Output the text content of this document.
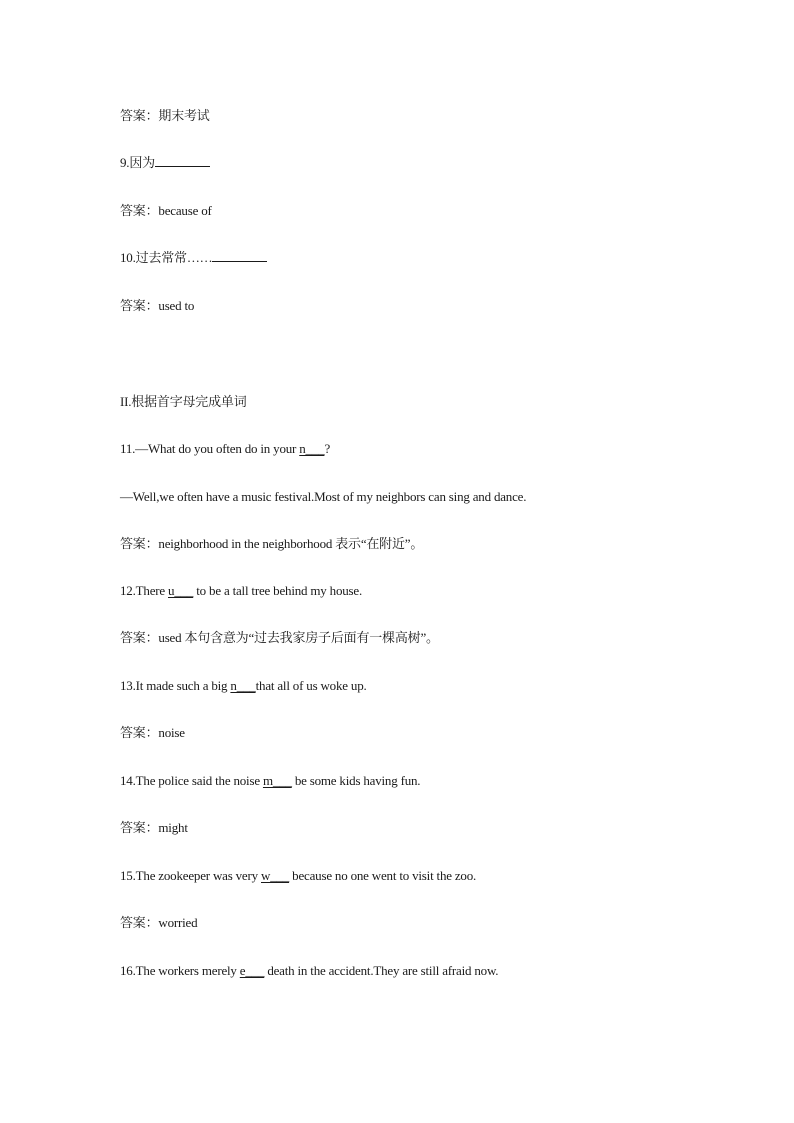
答案：期末考试
9.因为
答案：because of
10.过去常常……
答案：used to
II.根据首字母完成单词
11.—What do you often do in your n___?
—Well,we often have a music festival.Most of my neighbors can sing and dance.
答案：neighborhood in the neighborhood 表示“在附近”。
12.There u___ to be a tall tree behind my house.
答案：used 本句含意为“过去我家房子后面有一棵高树”。
13.It made such a big n___that all of us woke up.
答案：noise
14.The police said the noise m___ be some kids having fun.
答案：might
15.The zookeeper was very w___ because no one went to visit the zoo.
答案：worried
16.The workers merely e___ death in the accident.They are still afraid now.
